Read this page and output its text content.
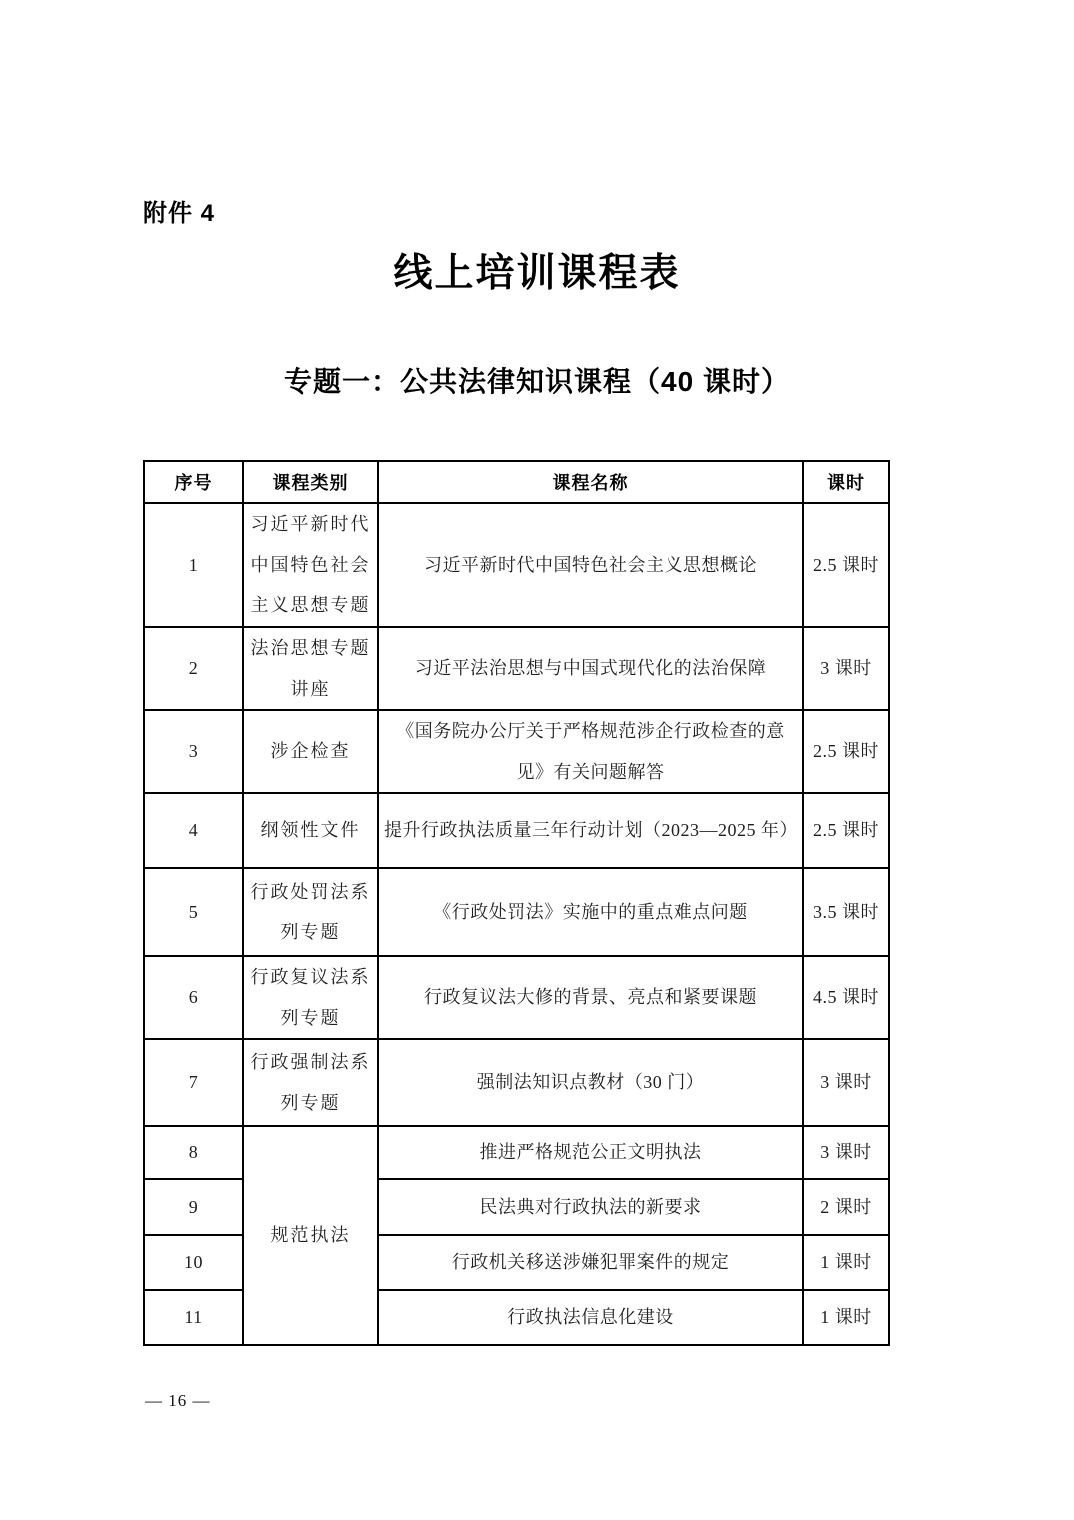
附件 4
线上培训课程表
专题一：公共法律知识课程（40 课时）
序号	课程类别	课程名称	课时
1	习近平新时代中国特色社会主义思想专题	习近平新时代中国特色社会主义思想概论	2.5 课时
2	法治思想专题讲座	习近平法治思想与中国式现代化的法治保障	3 课时
3	涉企检查	《国务院办公厅关于严格规范涉企行政检查的意见》有关问题解答	2.5 课时
4	纲领性文件	提升行政执法质量三年行动计划（2023—2025 年）	2.5 课时
5	行政处罚法系列专题	《行政处罚法》实施中的重点难点问题	3.5 课时
6	行政复议法系列专题	行政复议法大修的背景、亮点和紧要课题	4.5 课时
7	行政强制法系列专题	强制法知识点教材（30 门）	3 课时
8	规范执法	推进严格规范公正文明执法	3 课时
9		民法典对行政执法的新要求	2 课时
10		行政机关移送涉嫌犯罪案件的规定	1 课时
11		行政执法信息化建设	1 课时
— 16 —
